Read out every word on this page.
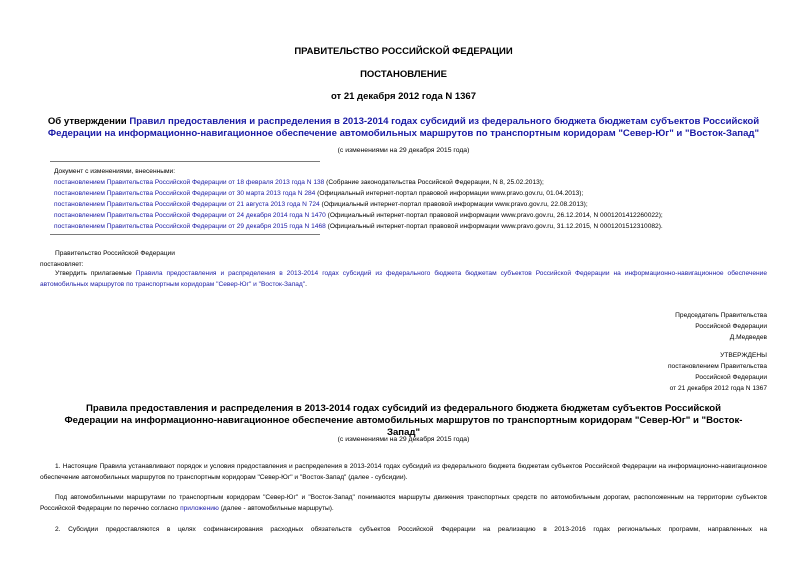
ПРАВИТЕЛЬСТВО РОССИЙСКОЙ ФЕДЕРАЦИИ
ПОСТАНОВЛЕНИЕ
от 21 декабря 2012 года N 1367
Об утверждении Правил предоставления и распределения в 2013-2014 годах субсидий из федерального бюджета бюджетам субъектов Российской Федерации на информационно-навигационное обеспечение автомобильных маршрутов по транспортным коридорам "Север-Юг" и "Восток-Запад"
(с изменениями на 29 декабря 2015 года)
Документ с изменениями, внесенными:
постановлением Правительства Российской Федерации от 18 февраля 2013 года N 138 (Собрание законодательства Российской Федерации, N 8, 25.02.2013);
постановлением Правительства Российской Федерации от 30 марта 2013 года N 284 (Официальный интернет-портал правовой информации www.pravo.gov.ru, 01.04.2013);
постановлением Правительства Российской Федерации от 21 августа 2013 года N 724 (Официальный интернет-портал правовой информации www.pravo.gov.ru, 22.08.2013);
постановлением Правительства Российской Федерации от 24 декабря 2014 года N 1470 (Официальный интернет-портал правовой информации www.pravo.gov.ru, 26.12.2014, N 0001201412260022);
постановлением Правительства Российской Федерации от 29 декабря 2015 года N 1468 (Официальный интернет-портал правовой информации www.pravo.gov.ru, 31.12.2015, N 0001201512310082).
Правительство Российской Федерации
постановляет:
Утвердить прилагаемые Правила предоставления и распределения в 2013-2014 годах субсидий из федерального бюджета бюджетам субъектов Российской Федерации на информационно-навигационное обеспечение автомобильных маршрутов по транспортным коридорам "Север-Юг" и "Восток-Запад".
Председатель Правительства
Российской Федерации
Д.Медведев
УТВЕРЖДЕНЫ
постановлением Правительства
Российской Федерации
от 21 декабря 2012 года N 1367
Правила предоставления и распределения в 2013-2014 годах субсидий из федерального бюджета бюджетам субъектов Российской Федерации на информационно-навигационное обеспечение автомобильных маршрутов по транспортным коридорам "Север-Юг" и "Восток-Запад"
(с изменениями на 29 декабря 2015 года)
1. Настоящие Правила устанавливают порядок и условия предоставления и распределения в 2013-2014 годах субсидий из федерального бюджета бюджетам субъектов Российской Федерации на информационно-навигационное обеспечение автомобильных маршрутов по транспортным коридорам "Север-Юг" и "Восток-Запад" (далее - субсидии).
Под автомобильными маршрутами по транспортным коридорам "Север-Юг" и "Восток-Запад" понимаются маршруты движения транспортных средств по автомобильным дорогам, расположенным на территории субъектов Российской Федерации по перечню согласно приложению (далее - автомобильные маршруты).
2. Субсидии предоставляются в целях софинансирования расходных обязательств субъектов Российской Федерации на реализацию в 2013-2016 годах региональных программ, направленных на
